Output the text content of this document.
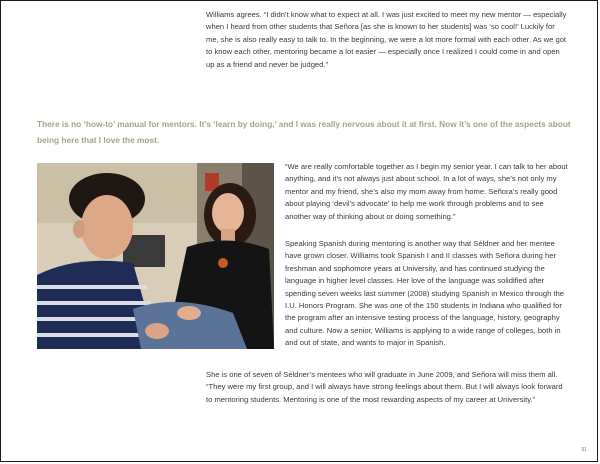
Williams agrees. “I didn’t know what to expect at all. I was just excited to meet my new mentor — especially when I heard from other students that Señora [as she is known to her students] was ‘so cool!’ Luckily for me, she is also really easy to talk to. In the beginning, we were a lot more formal with each other. As we got to know each other, mentoring became a lot easier — especially once I realized I could come in and open up as a friend and never be judged.”

There is no ‘how-to’ manual for mentors. It’s ‘learn by doing,’ and I was really nervous about it at first. Now it’s one of the aspects about being here that I love the most.

“We are really comfortable together as I begin my senior year. I can talk to her about anything, and it’s not always just about school. In a lot of ways, she’s not only my mentor and my friend, she’s also my mom away from home. Señora’s really good about playing ‘devil’s advocate’ to help me work through problems and to see another way of thinking about or doing something.”

Speaking Spanish during mentoring is another way that Séldner and her mentee have grown closer. Williams took Spanish I and II classes with Señora during her freshman and sophomore years at University, and has continued studying the language in higher level classes. Her love of the language was solidified after spending seven weeks last summer (2008) studying Spanish in Mexico through the I.U. Honors Program. She was one of the 150 students in Indiana who qualified for the program after an intensive testing process of the language, history, geography and culture. Now a senior, Williams is applying to a wide range of colleges, both in and out of state, and wants to major in Spanish.

She is one of seven of Séldner’s mentees who will graduate in June 2009, and Señora will miss them all. “They were my first group, and I will always have strong feelings about them. But I will always look forward to mentoring students. Mentoring is one of the most rewarding aspects of my career at University.”

51
